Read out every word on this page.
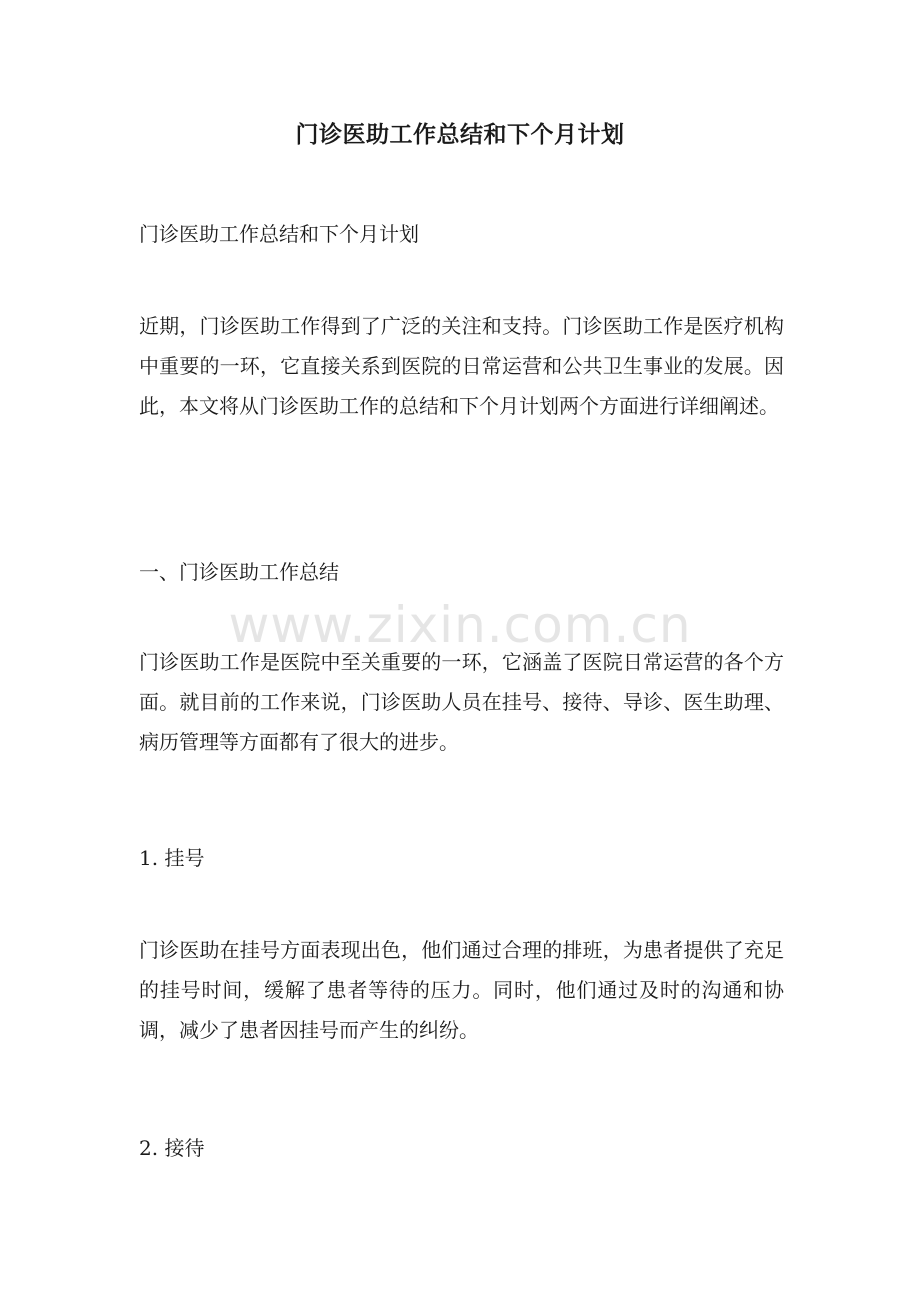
门诊医助工作总结和下个月计划

门诊医助工作总结和下个月计划

近期，门诊医助工作得到了广泛的关注和支持。门诊医助工作是医疗机构中重要的一环，它直接关系到医院的日常运营和公共卫生事业的发展。因此，本文将从门诊医助工作的总结和下个月计划两个方面进行详细阐述。

一、门诊医助工作总结

门诊医助工作是医院中至关重要的一环，它涵盖了医院日常运营的各个方面。就目前的工作来说，门诊医助人员在挂号、接待、导诊、医生助理、病历管理等方面都有了很大的进步。

1. 挂号

门诊医助在挂号方面表现出色，他们通过合理的排班，为患者提供了充足的挂号时间，缓解了患者等待的压力。同时，他们通过及时的沟通和协调，减少了患者因挂号而产生的纠纷。

2. 接待

www.zixin.com.cn
